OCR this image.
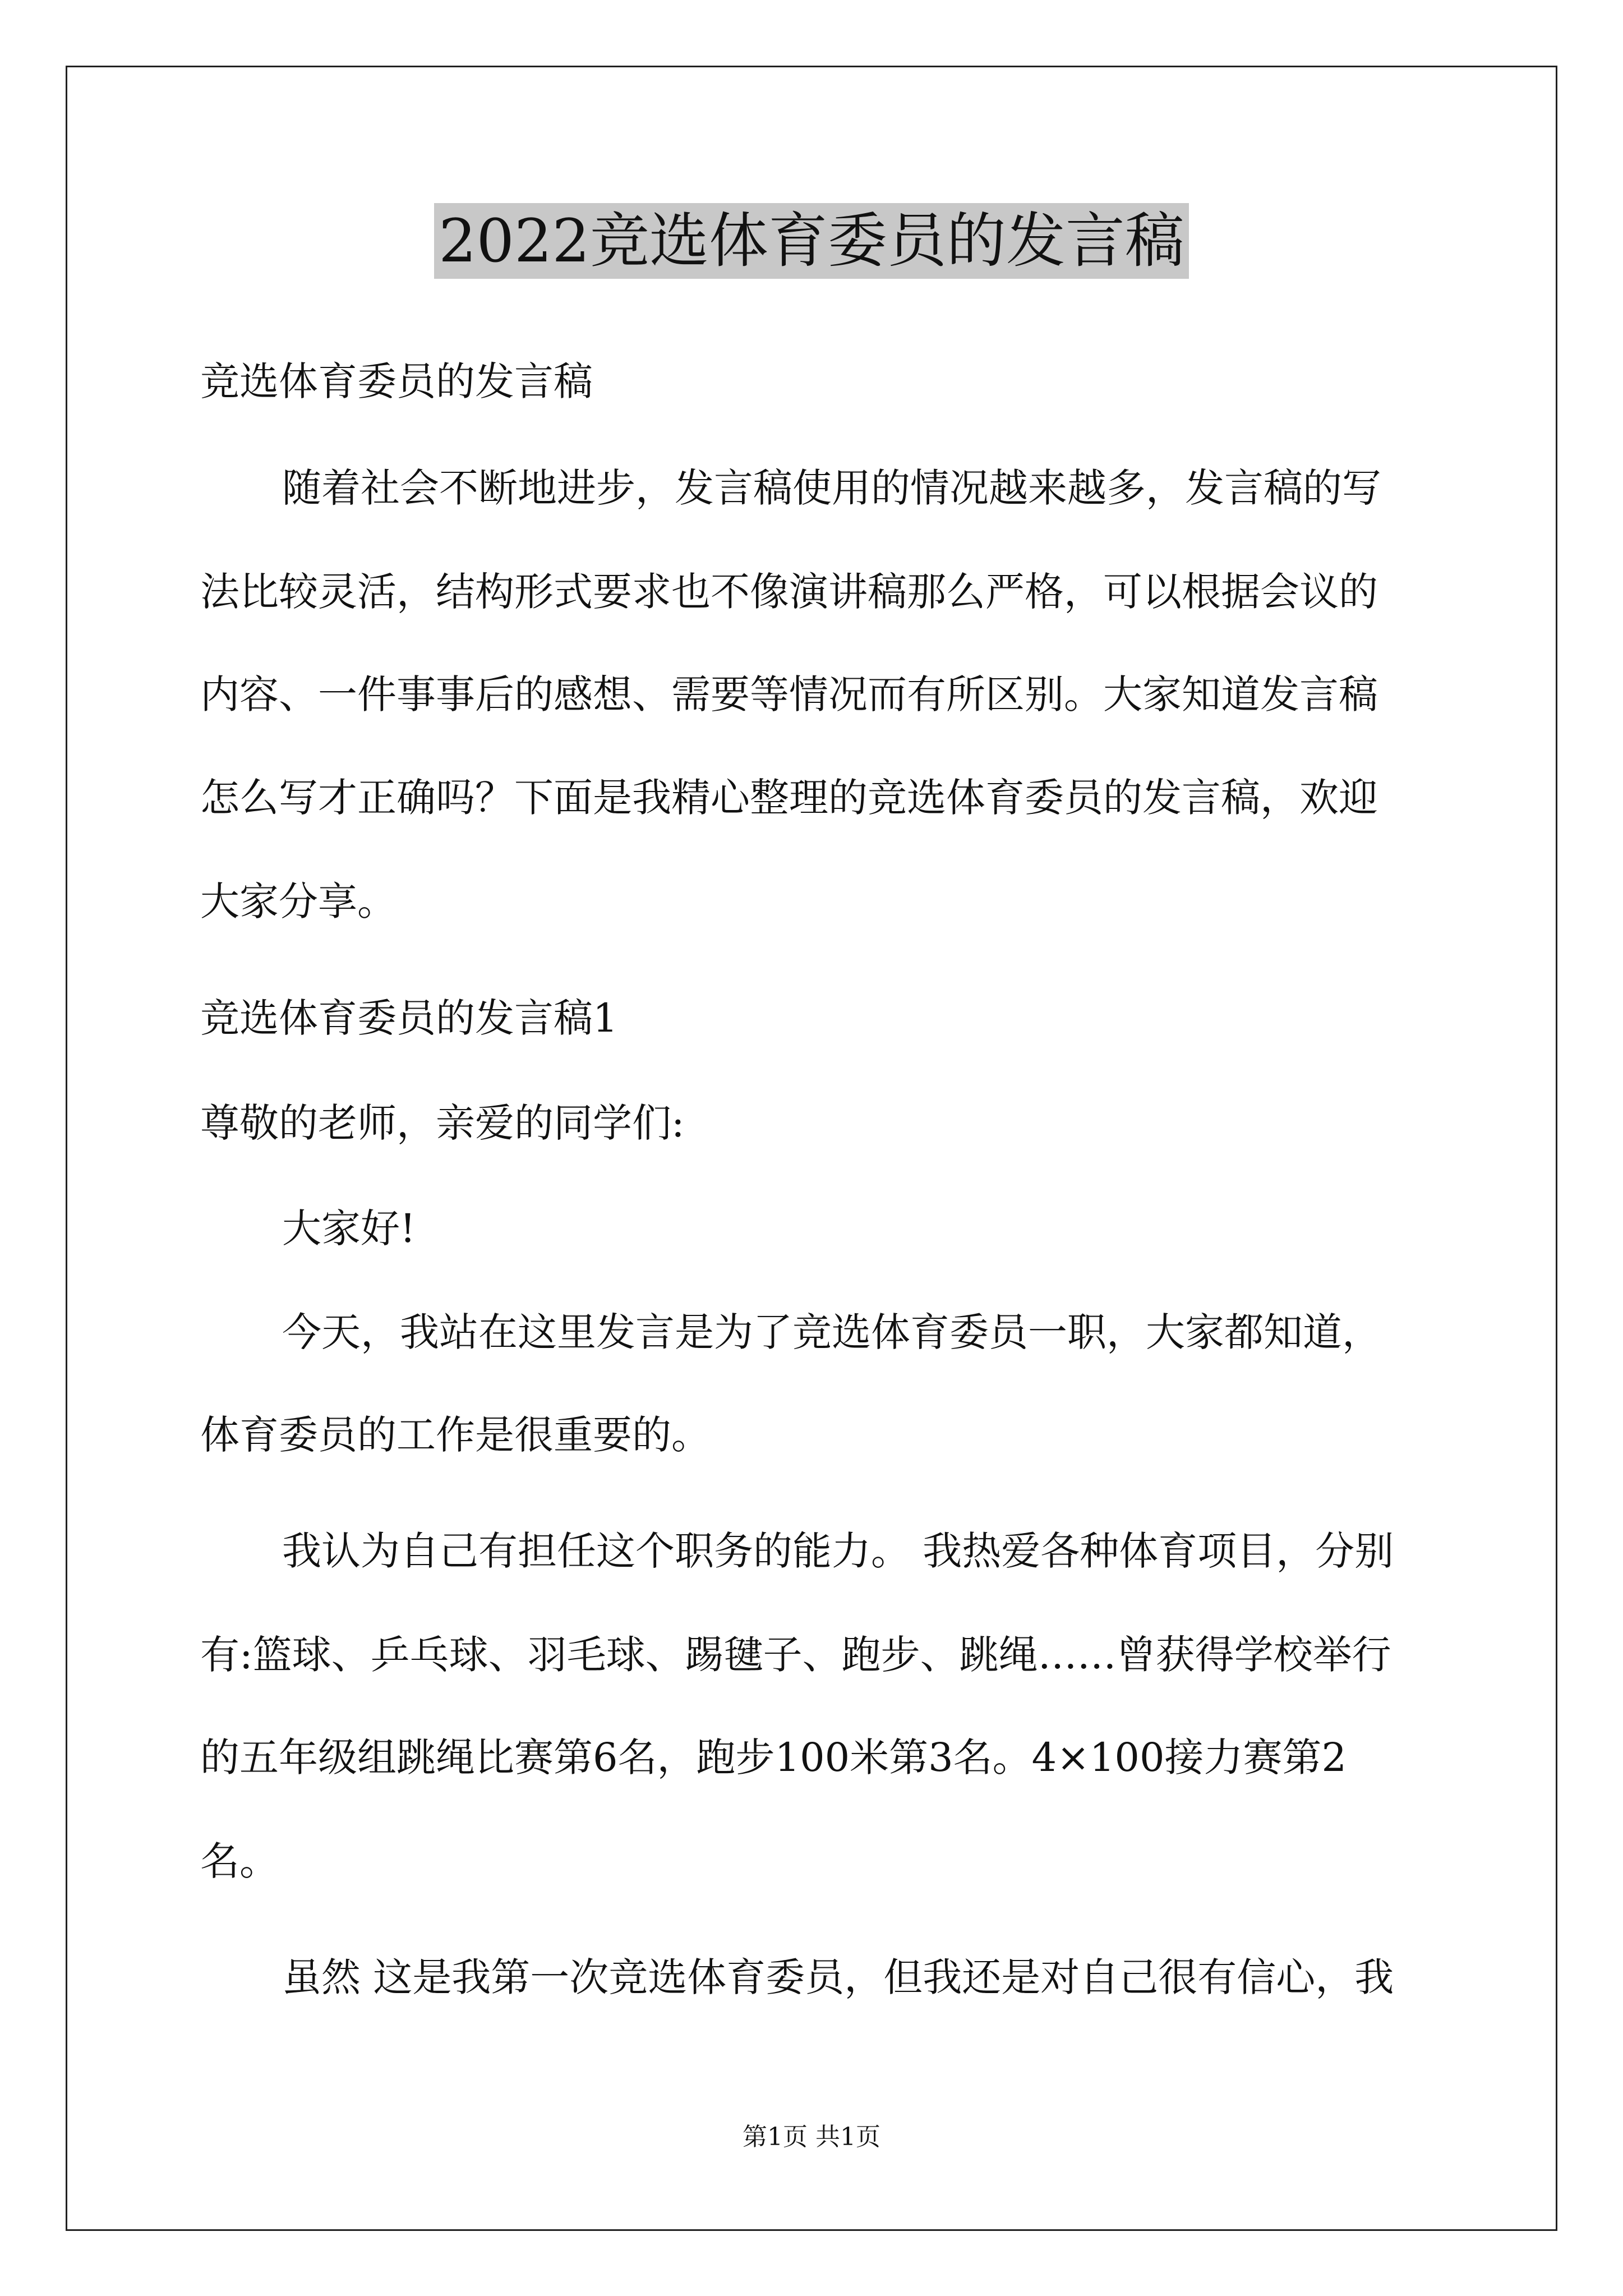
2022竞选体育委员的发言稿
竞选体育委员的发言稿
随着社会不断地进步，发言稿使用的情况越来越多，发言稿的写
法比较灵活，结构形式要求也不像演讲稿那么严格，可以根据会议的
内容、一件事事后的感想、需要等情况而有所区别。大家知道发言稿
怎么写才正确吗？下面是我精心整理的竞选体育委员的发言稿，欢迎
大家分享。
竞选体育委员的发言稿1
尊敬的老师，亲爱的同学们:
大家好!
今天，我站在这里发言是为了竞选体育委员一职，大家都知道，
体育委员的工作是很重要的。
我认为自己有担任这个职务的能力。 我热爱各种体育项目，分别
有:篮球、乒乓球、羽毛球、踢毽子、跑步、跳绳……曾获得学校举行
的五年级组跳绳比赛第6名，跑步100米第3名。4×100接力赛第2
名。
虽然 这是我第一次竞选体育委员，但我还是对自己很有信心，我
第1页 共1页
